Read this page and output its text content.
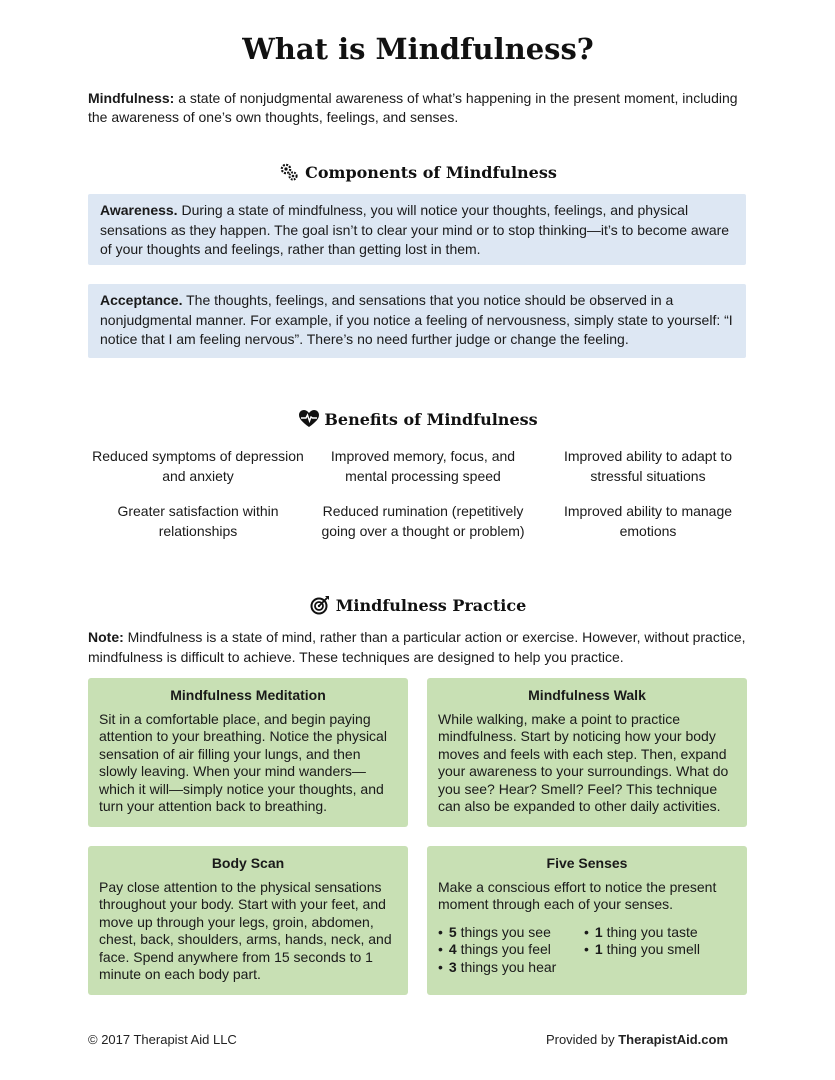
What is Mindfulness?

Mindfulness: a state of nonjudgmental awareness of what’s happening in the present moment, including the awareness of one’s own thoughts, feelings, and senses.

Components of Mindfulness
Awareness. During a state of mindfulness, you will notice your thoughts, feelings, and physical sensations as they happen. The goal isn’t to clear your mind or to stop thinking—it’s to become aware of your thoughts and feelings, rather than getting lost in them.
Acceptance. The thoughts, feelings, and sensations that you notice should be observed in a nonjudgmental manner. For example, if you notice a feeling of nervousness, simply state to yourself: “I notice that I am feeling nervous”. There’s no need further judge or change the feeling.
Benefits of Mindfulness
Reduced symptoms of depression and anxiety
Improved memory, focus, and mental processing speed
Improved ability to adapt to stressful situations
Greater satisfaction within relationships
Reduced rumination (repetitively going over a thought or problem)
Improved ability to manage emotions
Mindfulness Practice

Note: Mindfulness is a state of mind, rather than a particular action or exercise. However, without practice, mindfulness is difficult to achieve. These techniques are designed to help you practice.

Mindfulness Meditation

Sit in a comfortable place, and begin paying attention to your breathing. Notice the physical sensation of air filling your lungs, and then slowly leaving. When your mind wanders—which it will—simply notice your thoughts, and turn your attention back to breathing.

Mindfulness Walk

While walking, make a point to practice mindfulness. Start by noticing how your body moves and feels with each step. Then, expand your awareness to your surroundings. What do you see? Hear? Smell? Feel? This technique can also be expanded to other daily activities.

Body Scan

Pay close attention to the physical sensations throughout your body. Start with your feet, and move up through your legs, groin, abdomen, chest, back, shoulders, arms, hands, neck, and face. Spend anywhere from 15 seconds to 1 minute on each body part.

Five Senses

Make a conscious effort to notice the present moment through each of your senses.

• 5 things you see
• 4 things you feel
• 3 things you hear
• 1 thing you taste
• 1 thing you smell
© 2017 Therapist Aid LLC	Provided by TherapistAid.com
